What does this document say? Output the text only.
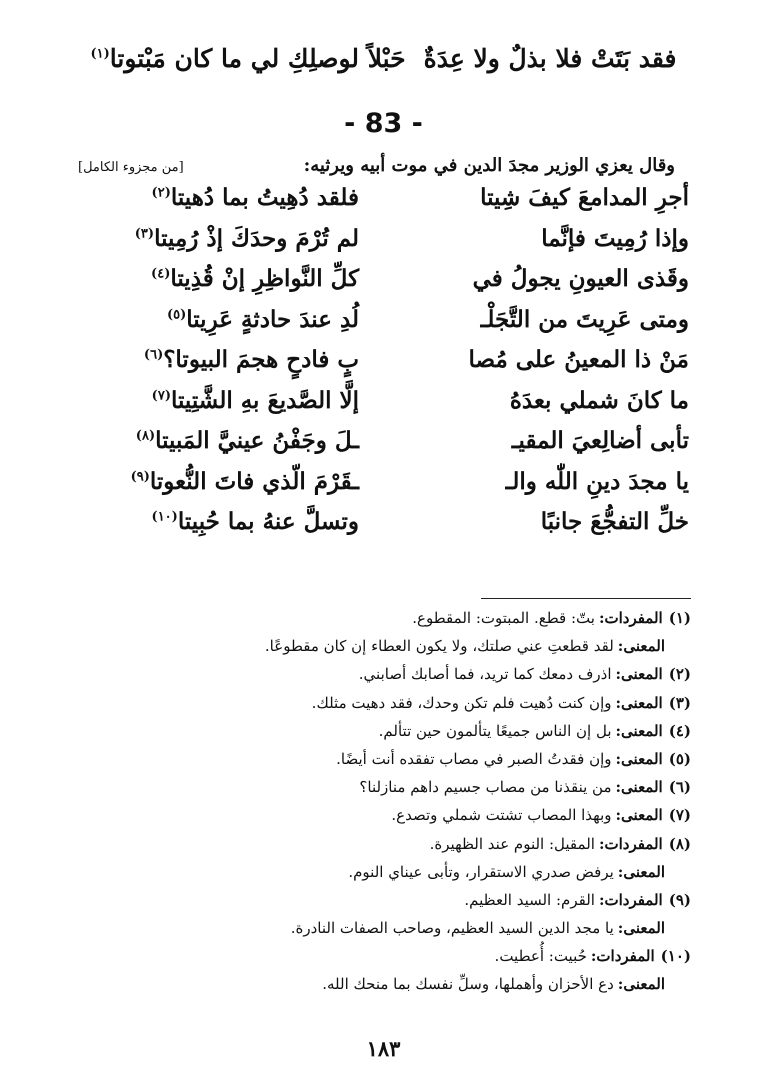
فقد بَتَتْ فلا بذلٌ ولا عِدَةٌحَبْلاً لوصلِكِ لي ما كان مَبْتوتا$^{(١)}$
- 83 -
وقال يعزي الوزير مجدَ الدين في موت أبيه ويرثيه:
[من مجزوء الكامل]
أجرِ المدامعَ كيفَ شِيتا
فلقد دُهِيتُ بما دُهيتا$^{(٢)}$
وإذا رُمِيتَ فإنَّما
لم تُرْمَ وحدَكَ إذْ رُمِيتا$^{(٣)}$
وقَذى العيونِ يجولُ في
كلِّ النَّواظِرِ إنْ قُذِيتا$^{(٤)}$
ومتى عَرِيتَ من التَّجَلْـ
لُدِ عندَ حادثةٍ عَرِيتا$^{(٥)}$
مَنْ ذا المعينُ على مُصا
بٍ فادحٍ هجمَ البيوتا؟$^{(٦)}$
ما كانَ شملي بعدَهُ
إلَّا الصَّديعَ بهِ الشَّتِيتا$^{(٧)}$
تأبى أضالِعيَ المقيـ
ـلَ وجَفْنُ عينيَّ المَبيتا$^{(٨)}$
يا مجدَ دينِ اللّٰه والـ
ـقَرْمَ الّذي فاتَ النُّعوتا$^{(٩)}$
خلِّ التفجُّعَ جانبًا
وتسلَّ عنهُ بما حُبِيتا$^{(١٠)}$
(١)المفردات:بتّ: قطع. المبتوت: المقطوع.
المعنى:لقد قطعتِ عني صلتك، ولا يكون العطاء إن كان مقطوعًا.
(٢)المعنى:اذرف دمعك كما تريد، فما أصابك أصابني.
(٣)المعنى:وإن كنت دُهيت فلم تكن وحدك، فقد دهيت مثلك.
(٤)المعنى:بل إن الناس جميعًا يتألمون حين تتألم.
(٥)المعنى:وإن فقدتُ الصبر في مصاب تفقده أنت أيضًا.
(٦)المعنى:من ينقذنا من مصاب جسيم داهم منازلنا؟
(٧)المعنى:وبهذا المصاب تشتت شملي وتصدع.
(٨)المفردات:المقيل: النوم عند الظهيرة.
المعنى:يرفض صدري الاستقرار، وتأبى عيناي النوم.
(٩)المفردات:القرم: السيد العظيم.
المعنى:يا مجد الدين السيد العظيم، وصاحب الصفات النادرة.
(١٠)المفردات:حُبيت: أُعطيت.
المعنى:دع الأحزان وأهملها، وسلِّ نفسك بما منحك الله.
١٨٣
